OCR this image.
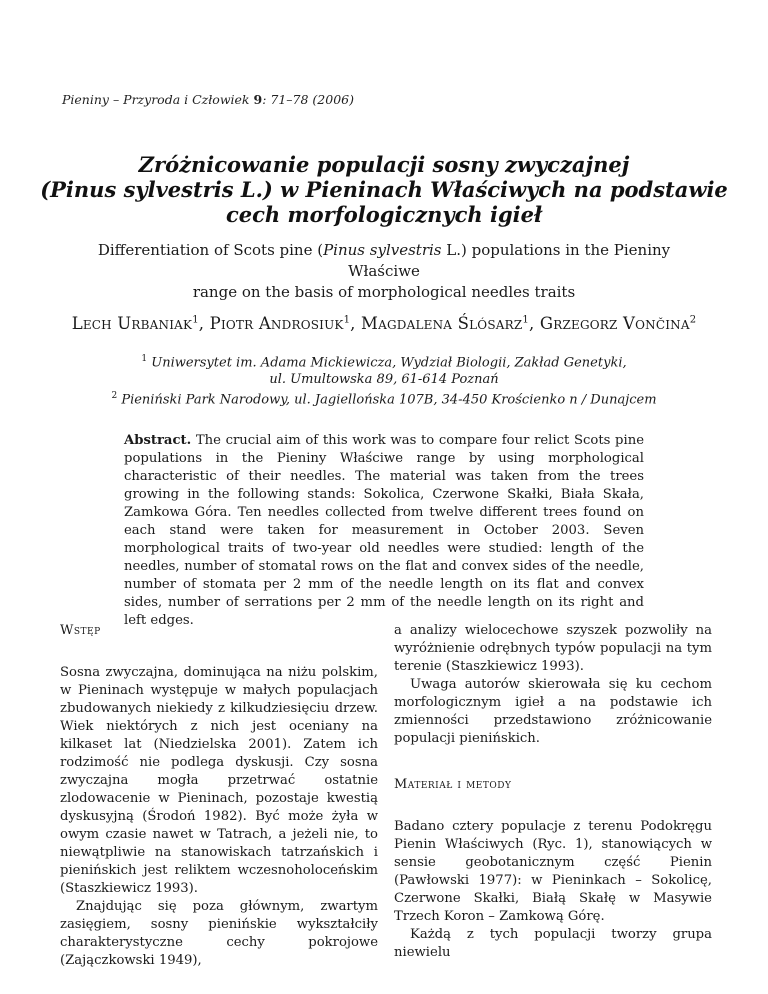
Pieniny – Przyroda i Człowiek 9: 71–78 (2006)
Zróżnicowanie populacji sosny zwyczajnej
(Pinus sylvestris L.) w Pieninach Właściwych na podstawie
cech morfologicznych igieł
Differentiation of Scots pine (Pinus sylvestris L.) populations in the Pieniny Właściwe
range on the basis of morphological needles traits
Lech Urbaniak$^1$, Piotr Androsiuk$^1$, Magdalena Ślósarz$^1$, Grzegorz Vončina$^2$
$^1$ Uniwersytet im. Adama Mickiewicza, Wydział Biologii, Zakład Genetyki,
ul. Umultowska 89, 61-614 Poznań
$^2$ Pieniński Park Narodowy, ul. Jagiellońska 107B, 34-450 Krościenko n / Dunajcem
Abstract. The crucial aim of this work was to compare four relict Scots pine populations in the Pieniny Właściwe range by using morphological characteristic of their needles. The material was taken from the trees growing in the following stands: Sokolica, Czerwone Skałki, Biała Skała, Zamkowa Góra. Ten needles collected from twelve different trees found on each stand were taken for measurement in October 2003. Seven morphological traits of two-year old needles were studied: length of the needles, number of stomatal rows on the flat and convex sides of the needle, number of stomata per 2 mm of the needle length on its flat and convex sides, number of serrations per 2 mm of the needle length on its right and left edges.
Wstęp

Sosna zwyczajna, dominująca na niżu polskim, w Pieninach występuje w małych populacjach zbudowanych niekiedy z kilkudziesięciu drzew. Wiek niektórych z nich jest oceniany na kilkaset lat (Niedzielska 2001). Zatem ich rodzimość nie podlega dyskusji. Czy sosna zwyczajna mogła przetrwać ostatnie zlodowacenie w Pieninach, pozostaje kwestią dyskusyjną (Środoń 1982). Być może żyła w owym czasie nawet w Tatrach, a jeżeli nie, to niewątpliwie na stanowiskach tatrzańskich i pienińskich jest reliktem wczesnoholoceńskim (Staszkiewicz 1993).

Znajdując się poza głównym, zwartym zasięgiem, sosny pienińskie wykształciły charakterystyczne cechy pokrojowe (Zajączkowski 1949),

a analizy wielocechowe szyszek pozwoliły na wyróżnienie odrębnych typów populacji na tym terenie (Staszkiewicz 1993).

Uwaga autorów skierowała się ku cechom morfologicznym igieł a na podstawie ich zmienności przedstawiono zróżnicowanie populacji pienińskich.

Materiał i metody

Badano cztery populacje z terenu Podokręgu Pienin Właściwych (Ryc. 1), stanowiących w sensie geobotanicznym część Pienin (Pawłowski 1977): w Pieninkach – Sokolicę, Czerwone Skałki, Białą Skałę w Masywie Trzech Koron – Zamkową Górę.

Każdą z tych populacji tworzy grupa niewielu
